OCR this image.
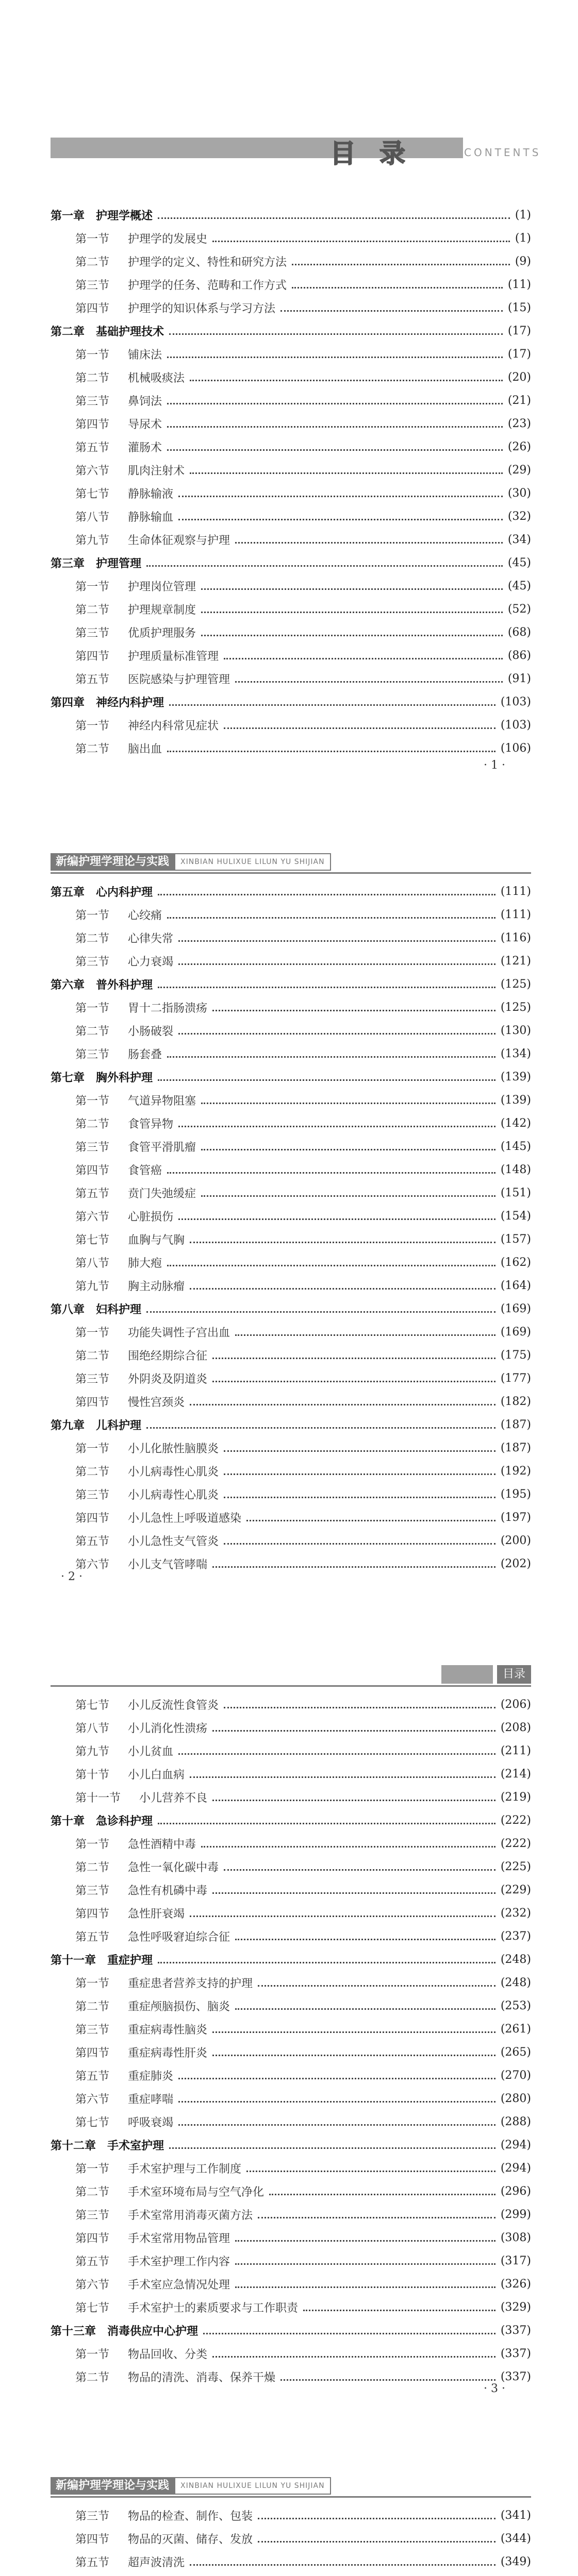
目录	CONTENTS
第一章 护理学概述	(1)
第一节 护理学的发展史	(1)
第二节 护理学的定义、特性和研究方法	(9)
第三节 护理学的任务、范畴和工作方式	(11)
第四节 护理学的知识体系与学习方法	(15)
第二章 基础护理技术	(17)
第一节 铺床法	(17)
第二节 机械吸痰法	(20)
第三节 鼻饲法	(21)
第四节 导尿术	(23)
第五节 灌肠术	(26)
第六节 肌肉注射术	(29)
第七节 静脉输液	(30)
第八节 静脉输血	(32)
第九节 生命体征观察与护理	(34)
第三章 护理管理	(45)
第一节 护理岗位管理	(45)
第二节 护理规章制度	(52)
第三节 优质护理服务	(68)
第四节 护理质量标准管理	(86)
第五节 医院感染与护理管理	(91)
第四章 神经内科护理	(103)
第一节 神经内科常见症状	(103)
第二节 脑出血	(106)
· 1 ·
新编护理学理论与实践	XINBIAN HULIXUE LILUN YU SHIJIAN
第五章 心内科护理	(111)
第一节 心绞痛	(111)
第二节 心律失常	(116)
第三节 心力衰竭	(121)
第六章 普外科护理	(125)
第一节 胃十二指肠溃疡	(125)
第二节 小肠破裂	(130)
第三节 肠套叠	(134)
第七章 胸外科护理	(139)
第一节 气道异物阻塞	(139)
第二节 食管异物	(142)
第三节 食管平滑肌瘤	(145)
第四节 食管癌	(148)
第五节 贲门失弛缓症	(151)
第六节 心脏损伤	(154)
第七节 血胸与气胸	(157)
第八节 肺大疱	(162)
第九节 胸主动脉瘤	(164)
第八章 妇科护理	(169)
第一节 功能失调性子宫出血	(169)
第二节 围绝经期综合征	(175)
第三节 外阴炎及阴道炎	(177)
第四节 慢性宫颈炎	(182)
第九章 儿科护理	(187)
第一节 小儿化脓性脑膜炎	(187)
第二节 小儿病毒性心肌炎	(192)
第三节 小儿病毒性心肌炎	(195)
第四节 小儿急性上呼吸道感染	(197)
第五节 小儿急性支气管炎	(200)
第六节 小儿支气管哮喘	(202)
· 2 ·
目录
第七节 小儿反流性食管炎	(206)
第八节 小儿消化性溃疡	(208)
第九节 小儿贫血	(211)
第十节 小儿白血病	(214)
第十一节 小儿营养不良	(219)
第十章 急诊科护理	(222)
第一节 急性酒精中毒	(222)
第二节 急性一氧化碳中毒	(225)
第三节 急性有机磷中毒	(229)
第四节 急性肝衰竭	(232)
第五节 急性呼吸窘迫综合征	(237)
第十一章 重症护理	(248)
第一节 重症患者营养支持的护理	(248)
第二节 重症颅脑损伤、脑炎	(253)
第三节 重症病毒性脑炎	(261)
第四节 重症病毒性肝炎	(265)
第五节 重症肺炎	(270)
第六节 重症哮喘	(280)
第七节 呼吸衰竭	(288)
第十二章 手术室护理	(294)
第一节 手术室护理与工作制度	(294)
第二节 手术室环境布局与空气净化	(296)
第三节 手术室常用消毒灭菌方法	(299)
第四节 手术室常用物品管理	(308)
第五节 手术室护理工作内容	(317)
第六节 手术室应急情况处理	(326)
第七节 手术室护士的素质要求与工作职责	(329)
第十三章 消毒供应中心护理	(337)
第一节 物品回收、分类	(337)
第二节 物品的清洗、消毒、保养干燥	(337)
· 3 ·
新编护理学理论与实践	XINBIAN HULIXUE LILUN YU SHIJIAN
第三节 物品的检查、制作、包装	(341)
第四节 物品的灭菌、储存、发放	(344)
第五节 超声波清洗	(349)
